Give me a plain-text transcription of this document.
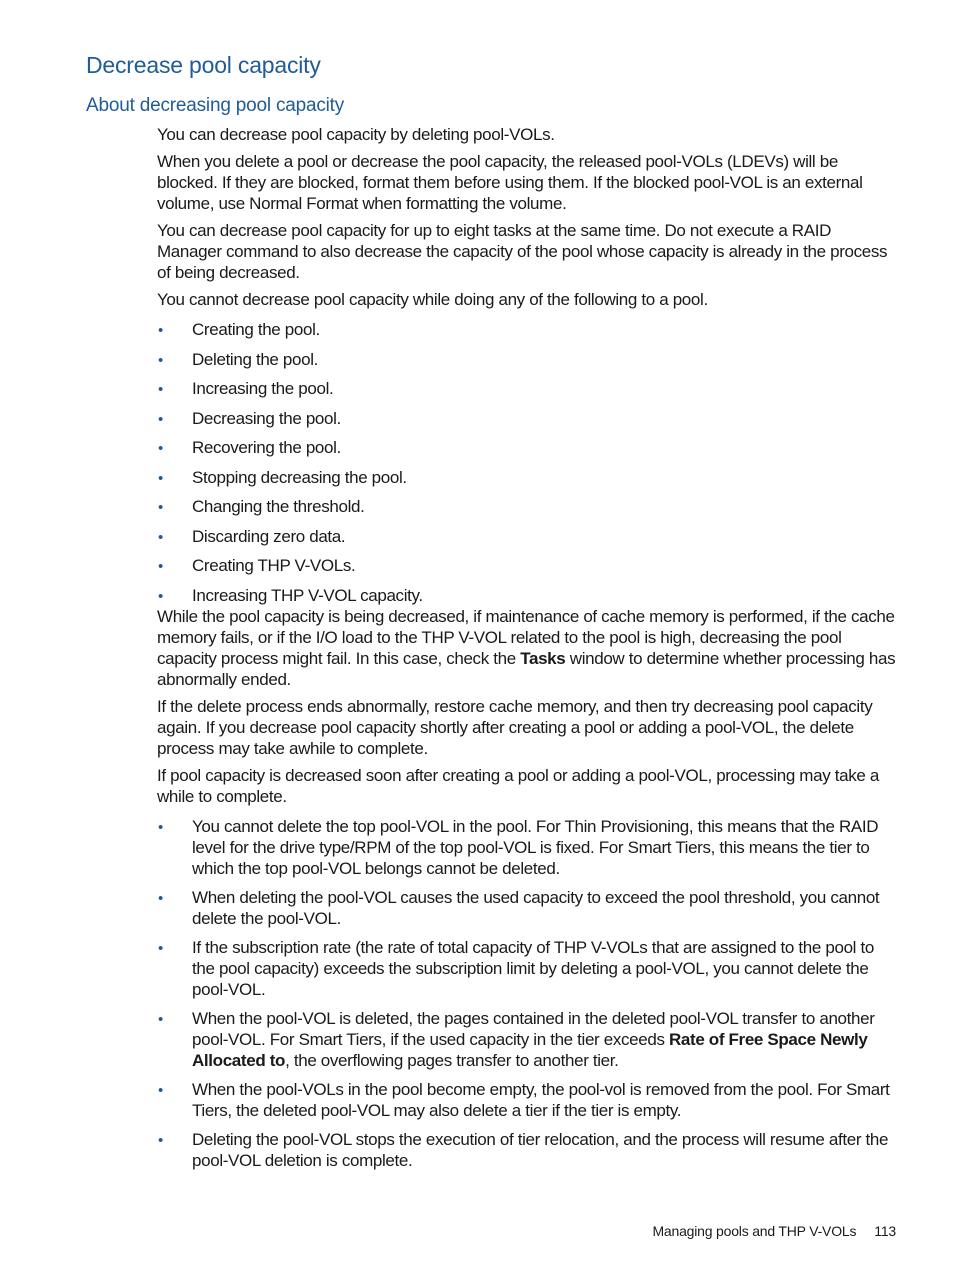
Decrease pool capacity
About decreasing pool capacity

You can decrease pool capacity by deleting pool-VOLs.

When you delete a pool or decrease the pool capacity, the released pool-VOLs (LDEVs) will be blocked. If they are blocked, format them before using them. If the blocked pool-VOL is an external volume, use Normal Format when formatting the volume.

You can decrease pool capacity for up to eight tasks at the same time. Do not execute a RAID Manager command to also decrease the capacity of the pool whose capacity is already in the process of being decreased.

You cannot decrease pool capacity while doing any of the following to a pool.

• Creating the pool.
• Deleting the pool.
• Increasing the pool.
• Decreasing the pool.
• Recovering the pool.
• Stopping decreasing the pool.
• Changing the threshold.
• Discarding zero data.
• Creating THP V-VOLs.
• Increasing THP V-VOL capacity.

While the pool capacity is being decreased, if maintenance of cache memory is performed, if the cache memory fails, or if the I/O load to the THP V-VOL related to the pool is high, decreasing the pool capacity process might fail. In this case, check the Tasks window to determine whether processing has abnormally ended.

If the delete process ends abnormally, restore cache memory, and then try decreasing pool capacity again. If you decrease pool capacity shortly after creating a pool or adding a pool-VOL, the delete process may take awhile to complete.

If pool capacity is decreased soon after creating a pool or adding a pool-VOL, processing may take a while to complete.

• You cannot delete the top pool-VOL in the pool. For Thin Provisioning, this means that the RAID level for the drive type/RPM of the top pool-VOL is fixed. For Smart Tiers, this means the tier to which the top pool-VOL belongs cannot be deleted.
• When deleting the pool-VOL causes the used capacity to exceed the pool threshold, you cannot delete the pool-VOL.
• If the subscription rate (the rate of total capacity of THP V-VOLs that are assigned to the pool to the pool capacity) exceeds the subscription limit by deleting a pool-VOL, you cannot delete the pool-VOL.
• When the pool-VOL is deleted, the pages contained in the deleted pool-VOL transfer to another pool-VOL. For Smart Tiers, if the used capacity in the tier exceeds Rate of Free Space Newly Allocated to, the overflowing pages transfer to another tier.
• When the pool-VOLs in the pool become empty, the pool-vol is removed from the pool. For Smart Tiers, the deleted pool-VOL may also delete a tier if the tier is empty.
• Deleting the pool-VOL stops the execution of tier relocation, and the process will resume after the pool-VOL deletion is complete.
Managing pools and THP V-VOLs 113
